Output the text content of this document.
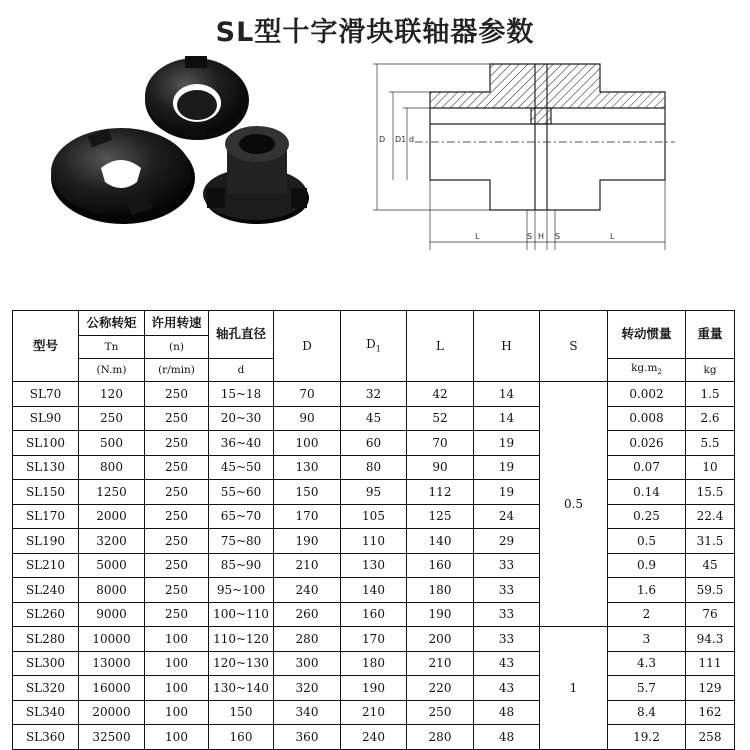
SL型十字滑块联轴器参数
D D1 d
L	S H S	L
型号	公称转矩	许用转速	轴孔直径	D	$D_1$	L	H	S	转动惯量	重量
	Tn	(n)								
	(N.m)	(r/min)	d						$kg.m_2$	kg
SL70	120	250	15~18	70	32	42	14	0.5	0.002	1.5
SL90	250	250	20~30	90	45	52	14		0.008	2.6
SL100	500	250	36~40	100	60	70	19		0.026	5.5
SL130	800	250	45~50	130	80	90	19		0.07	10
SL150	1250	250	55~60	150	95	112	19		0.14	15.5
SL170	2000	250	65~70	170	105	125	24		0.25	22.4
SL190	3200	250	75~80	190	110	140	29		0.5	31.5
SL210	5000	250	85~90	210	130	160	33		0.9	45
SL240	8000	250	95~100	240	140	180	33		1.6	59.5
SL260	9000	250	100~110	260	160	190	33		2	76
SL280	10000	100	110~120	280	170	200	33	1	3	94.3
SL300	13000	100	120~130	300	180	210	43		4.3	111
SL320	16000	100	130~140	320	190	220	43		5.7	129
SL340	20000	100	150	340	210	250	48		8.4	162
SL360	32500	100	160	360	240	280	48		19.2	258
